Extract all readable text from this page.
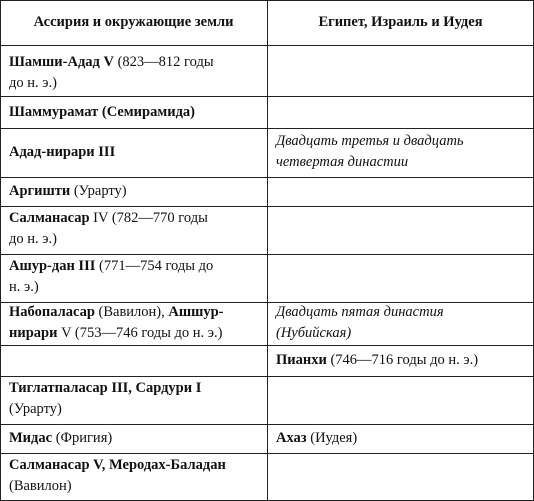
Ассирия и окружающие земли	Египет, Израиль и Иудея
Шамши-Адад V (823—812 годы
до н. э.)
Шаммурамат (Семирамида)
Адад-нирари III
Двадцать третья и двадцать
четвертая династии
Аргишти (Урарту)
Салманасар IV (782—770 годы
до н. э.)
Ашур-дан III (771—754 годы до
н. э.)
Набопаласар (Вавилон), Ашшур-
нирари V (753—746 годы до н. э.)
Двадцать пятая династия
(Нубийская)
Пианхи (746—716 годы до н. э.)
Тиглатпаласар III, Сардури I
(Урарту)
Мидас (Фригия)	Ахаз (Иудея)
Салманасар V, Меродах-Баладан
(Вавилон)
